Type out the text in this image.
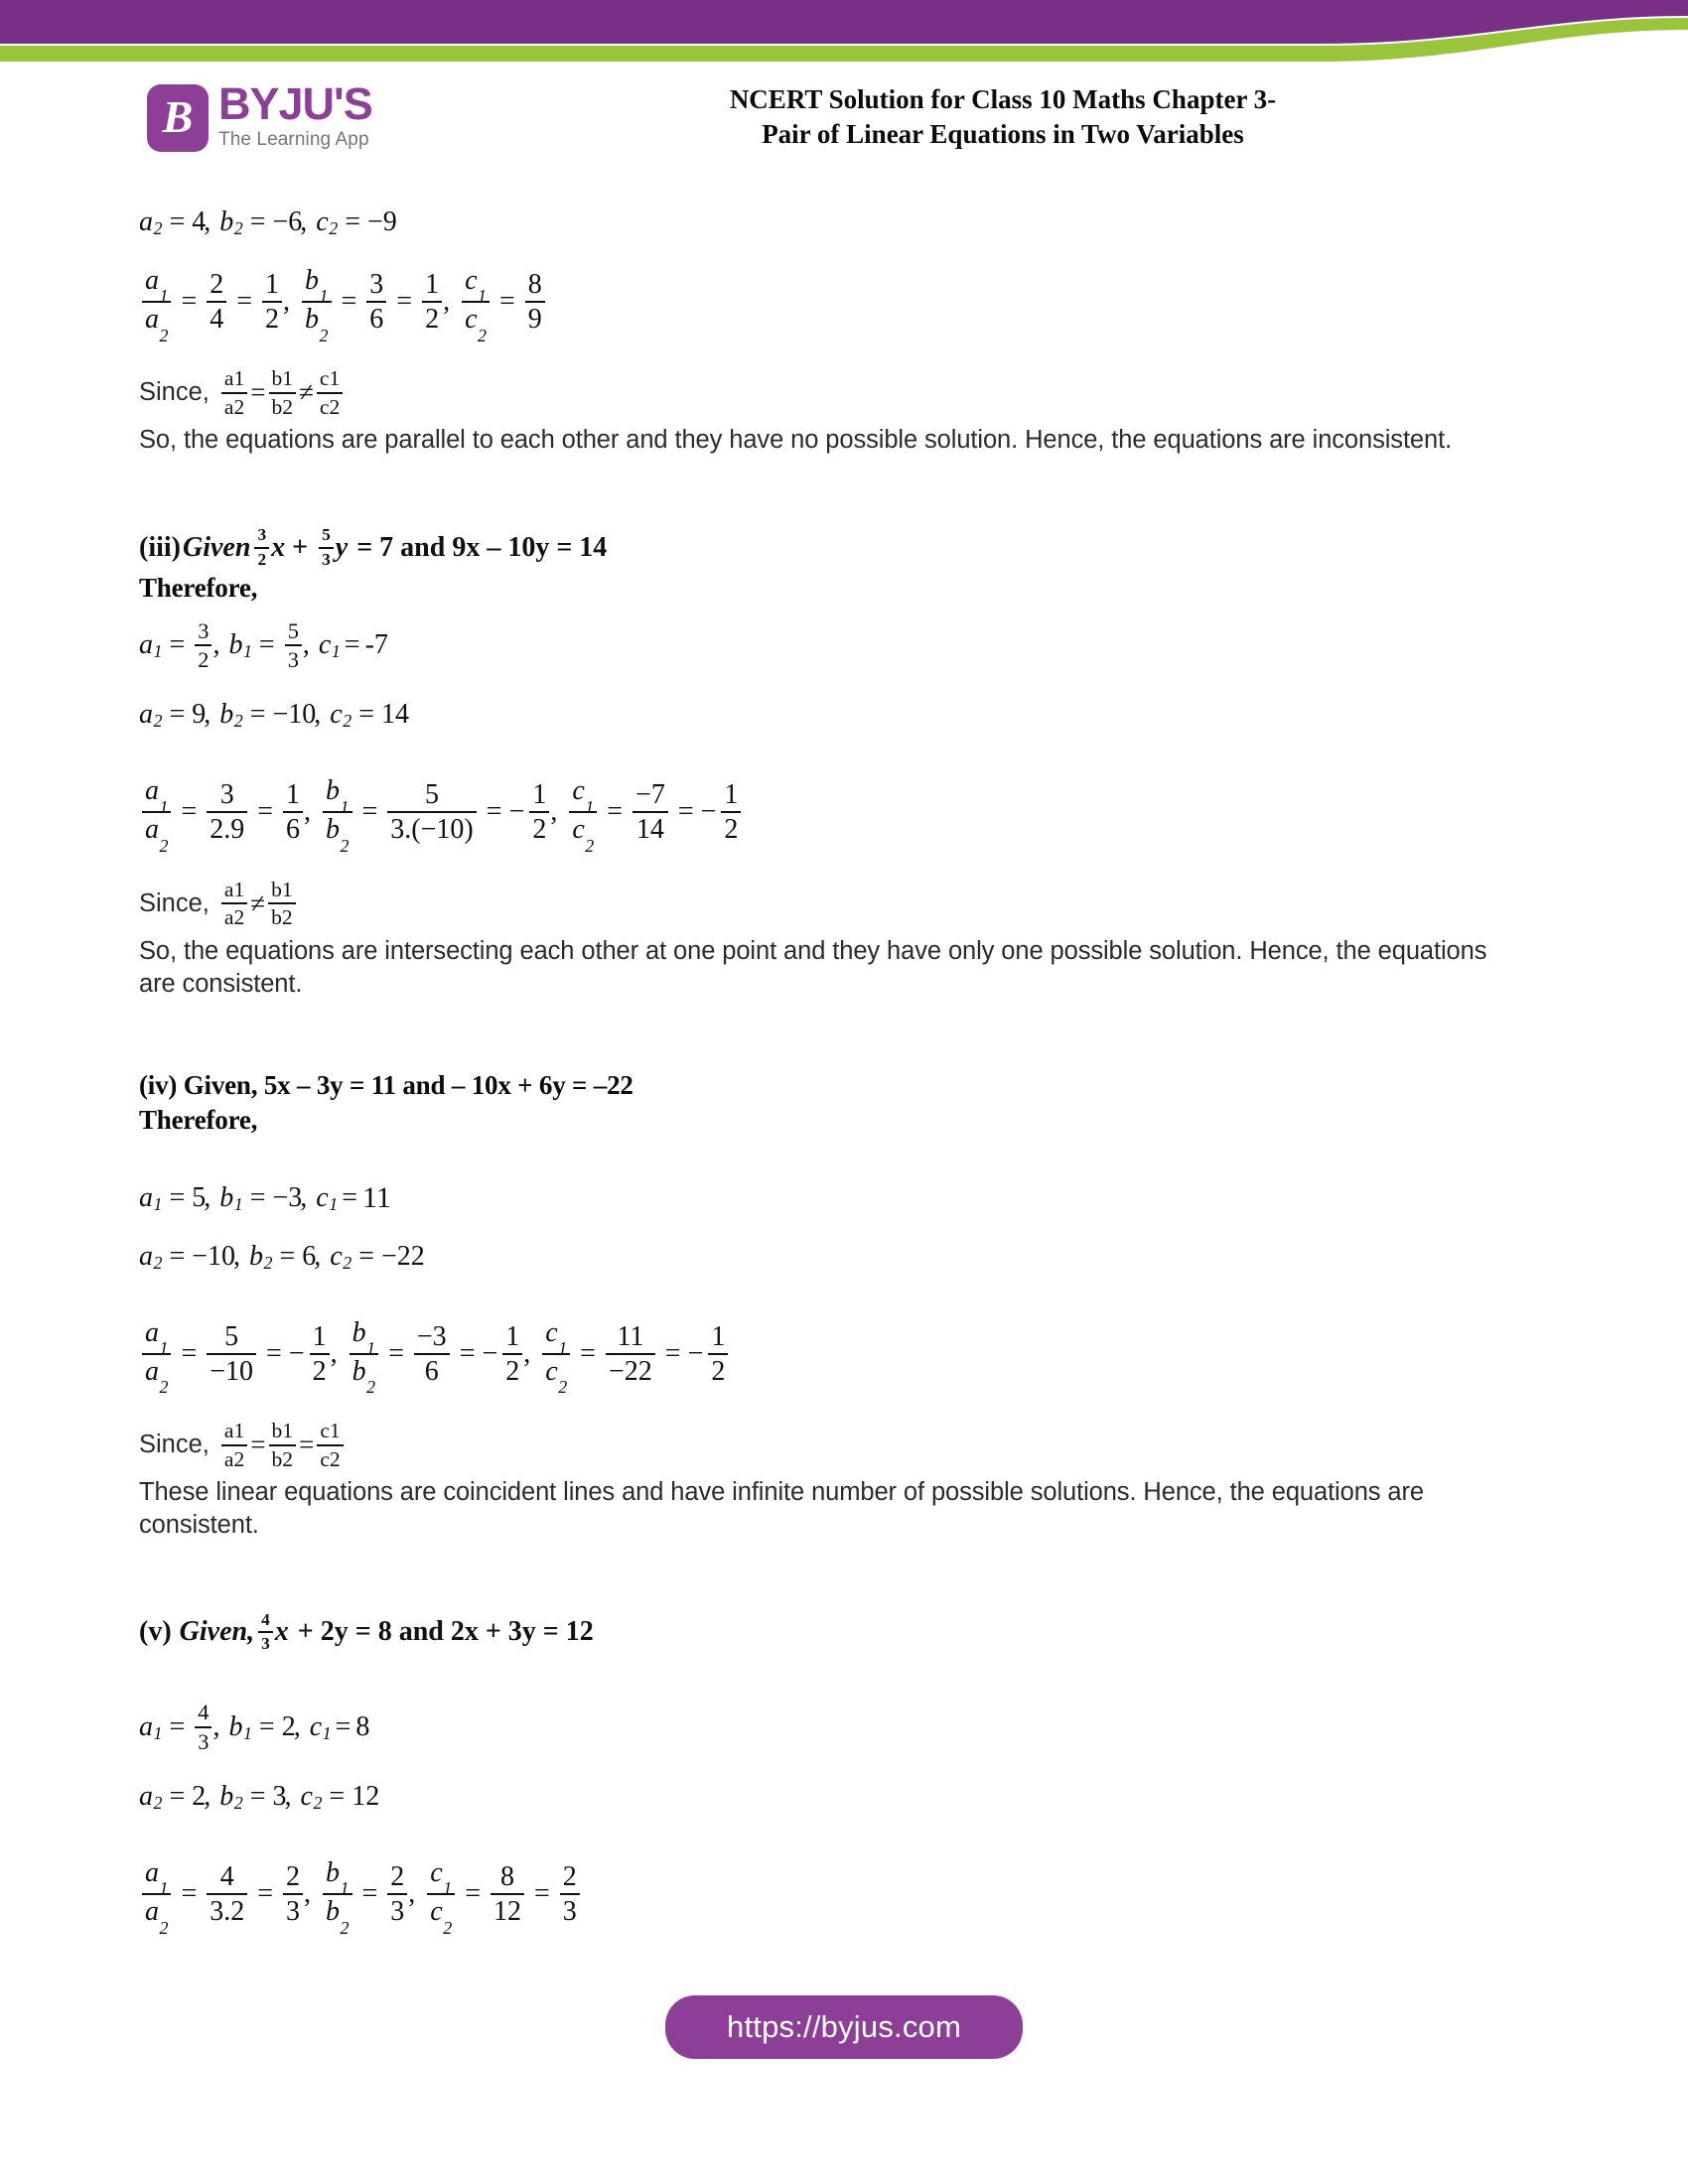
B BYJU'S
The Learning App
NCERT Solution for Class 10 Maths Chapter 3-
Pair of Linear Equations in Two Variables
a 2 = 4
, b 2 = −6
, c 2 = −9
$\frac{a_1}{a_2} = \frac{2}{4} = \frac{1}{2}$ , $\frac{b_1}{b_2} = \frac{3}{6} = \frac{1}{2}$ , $\frac{c_1}{c_2} = \frac{8}{9}$
Since, $\frac{a1}{a2} = \frac{b1}{b2} \ne \frac{c1}{c2}$
So, the equations are parallel to each other and they have no possible solution. Hence, the equations are inconsistent.
(iii) Given $\frac{3}{2}$ $x + \frac{5}{3}$ y = 7 and 9x – 10y = 14
Therefore,
a $1 = \frac{3}{2}$ , b $1 = \frac{5}{3}$ , c 1 = -7
a 2 = 9
, b 2 = −10
, c 2 = 14
$\frac{a_1}{a_2} = \frac{3}{2.9} = \frac{1}{6}$ , $\frac{b_1}{b_2} = \frac{5}{3.(-10)}$ = − $\frac{1}{2}$ , $\frac{c_1}{c_2} = \frac{-7}{14}$ = − $\frac{1}{2}$
Since, $\frac{a1}{a2} \ne \frac{b1}{b2}$
So, the equations are intersecting each other at one point and they have only one possible solution. Hence, the equations are consistent.
(iv) Given, 5x – 3y = 11 and – 10x + 6y = –22
Therefore,
a 1 = 5
, b 1 = −3
, c 1 = 11
a 2 = −10
, b 2 = 6
, c 2 = −22
$\frac{a_1}{a_2} = \frac{5}{-10}$ = − $\frac{1}{2}$ , $\frac{b_1}{b_2} = \frac{-3}{6}$ = − $\frac{1}{2}$ , $\frac{c_1}{c_2} = \frac{11}{-22}$ = − $\frac{1}{2}$
Since, $\frac{a1}{a2} = \frac{b1}{b2} = \frac{c1}{c2}$
These linear equations are coincident lines and have infinite number of possible solutions. Hence, the equations are consistent.
(v) Given, $\frac{4}{3}$ x + 2y = 8 and 2x + 3y = 12
a $1 = \frac{4}{3}$ , b 1 = 2
, c 1 = 8
a 2 = 2
, b 2 = 3
, c 2 = 12
$\frac{a_1}{a_2} = \frac{4}{3.2} = \frac{2}{3}$ , $\frac{b_1}{b_2} = \frac{2}{3}$ , $\frac{c_1}{c_2} = \frac{8}{12} = \frac{2}{3}$
https://byjus.com
